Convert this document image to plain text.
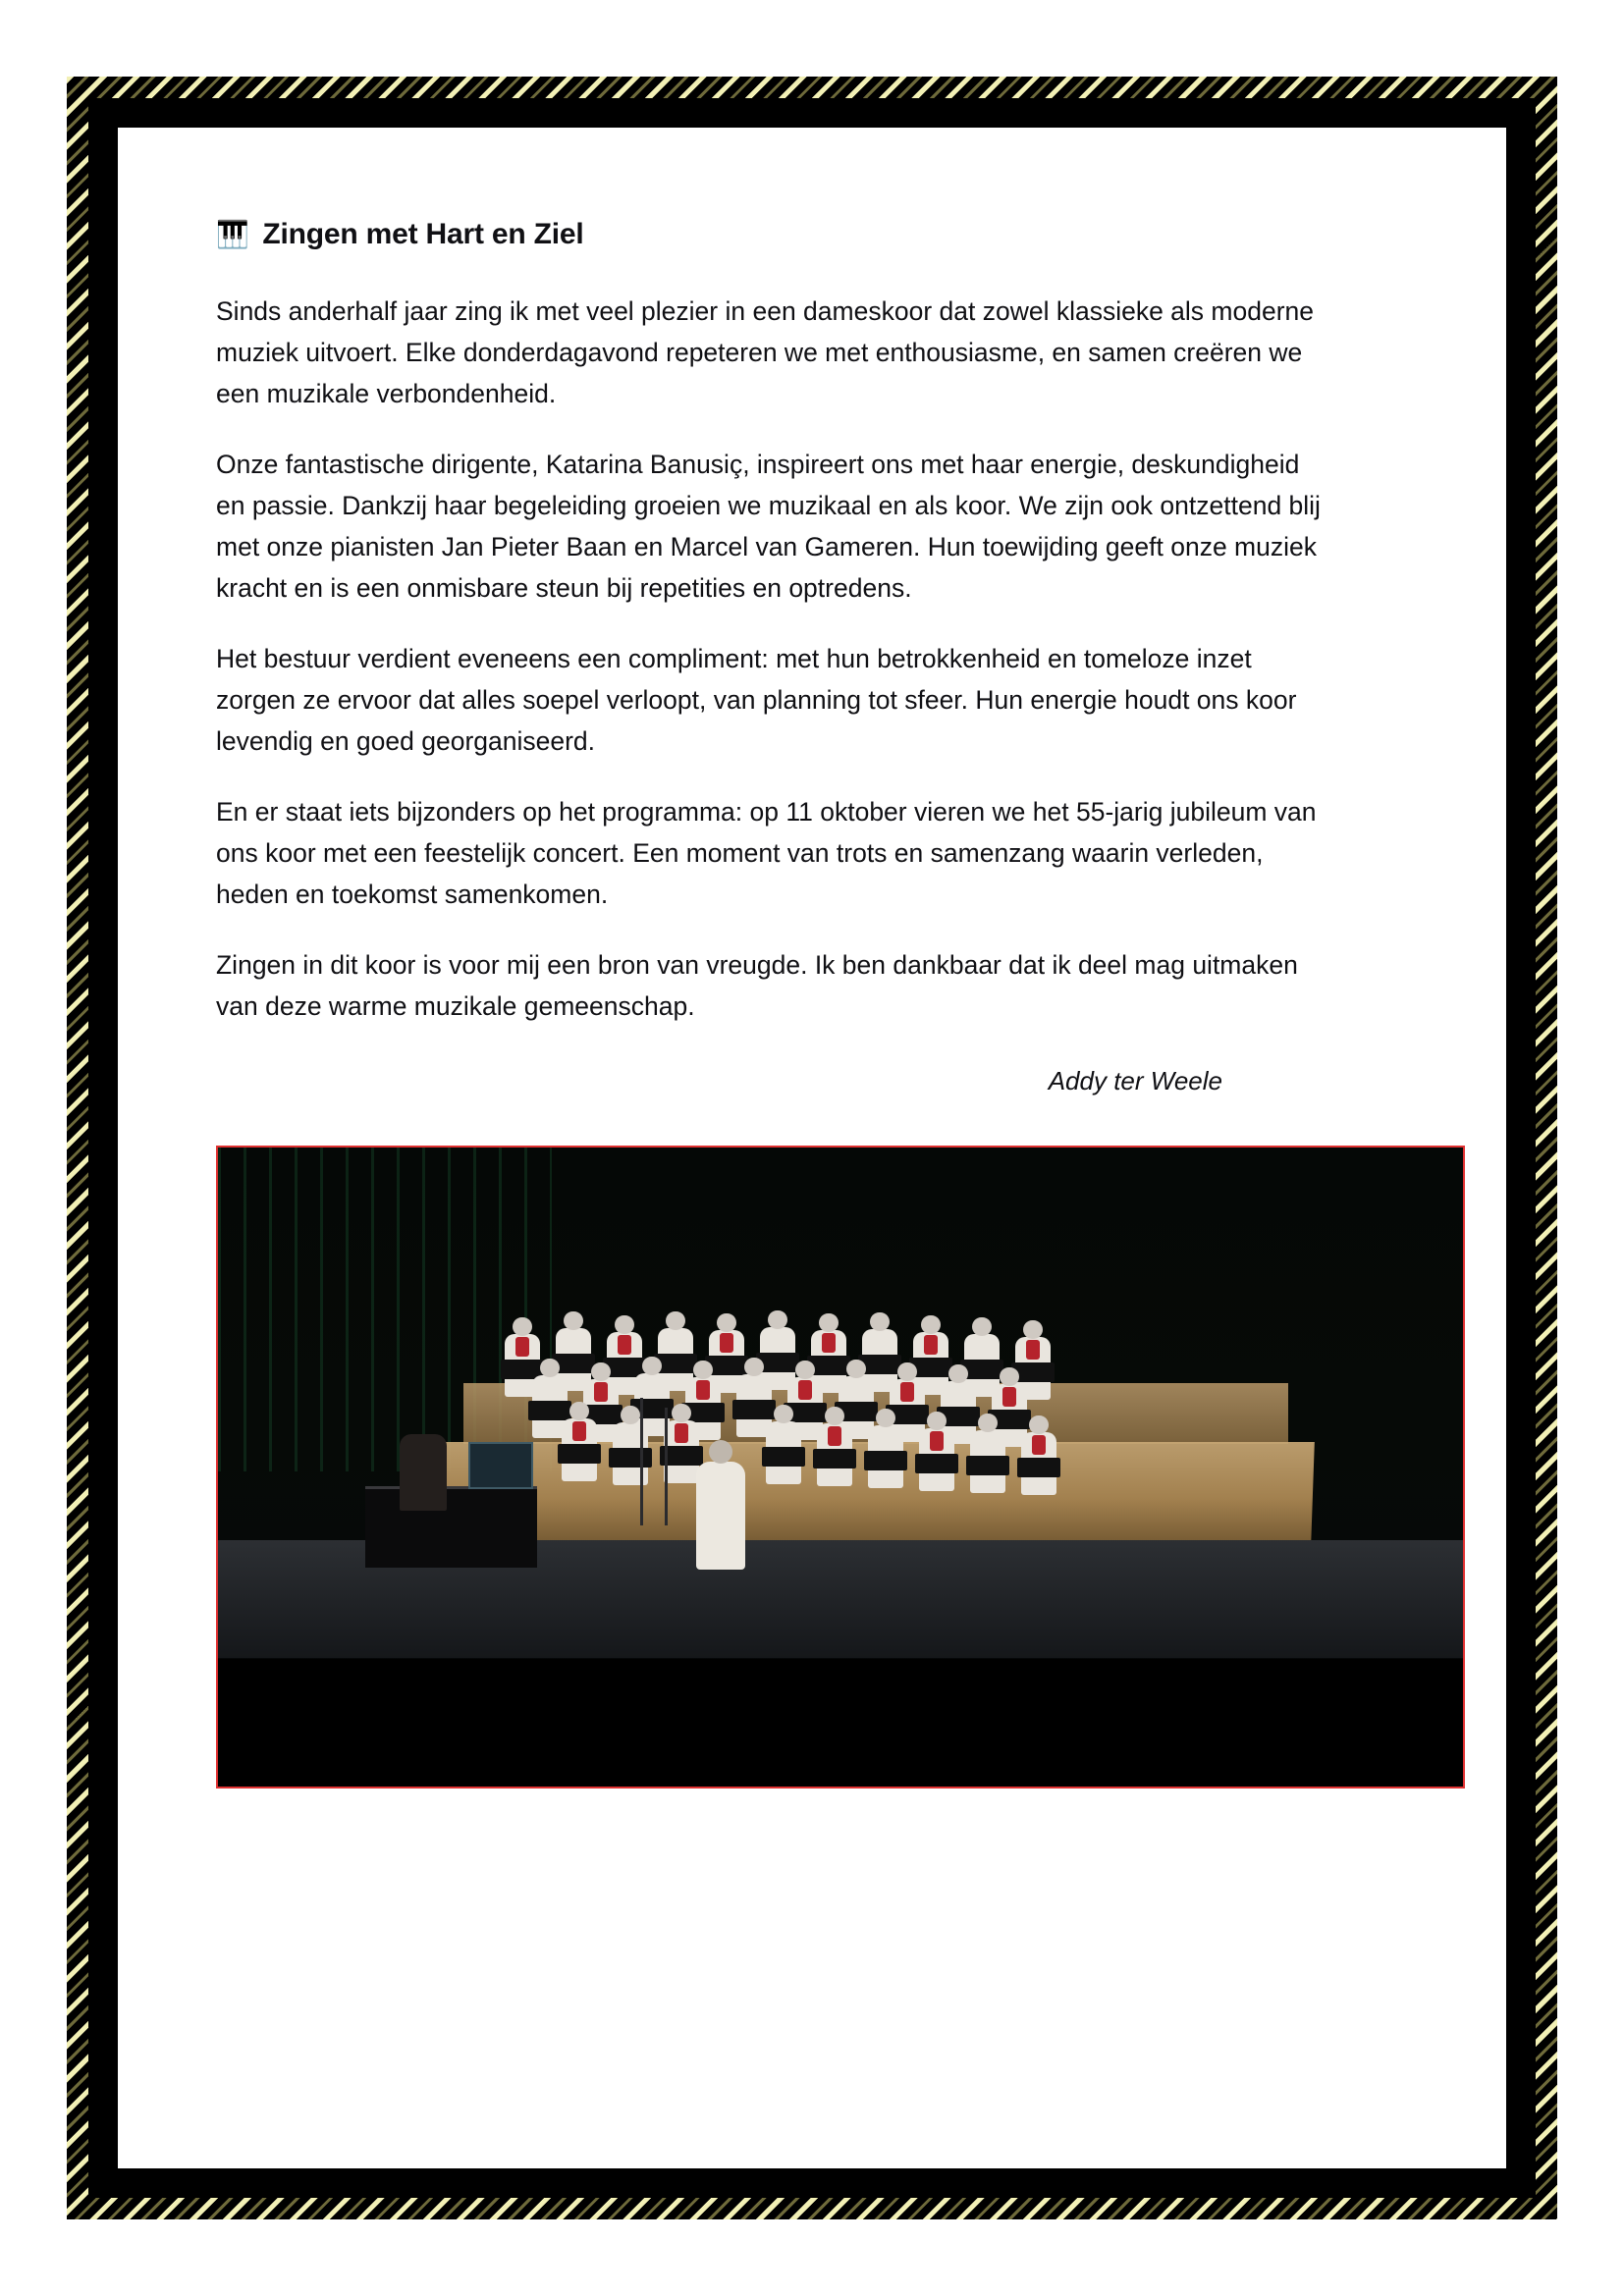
🎹 Zingen met Hart en Ziel

Sinds anderhalf jaar zing ik met veel plezier in een dameskoor dat zowel klassieke als moderne muziek uitvoert. Elke donderdagavond repeteren we met enthousiasme, en samen creëren we een muzikale verbondenheid.

Onze fantastische dirigente, Katarina Banusiç, inspireert ons met haar energie, deskundigheid en passie. Dankzij haar begeleiding groeien we muzikaal en als koor. We zijn ook ontzettend blij met onze pianisten Jan Pieter Baan en Marcel van Gameren. Hun toewijding geeft onze muziek kracht en is een onmisbare steun bij repetities en optredens.

Het bestuur verdient eveneens een compliment: met hun betrokkenheid en tomeloze inzet zorgen ze ervoor dat alles soepel verloopt, van planning tot sfeer. Hun energie houdt ons koor levendig en goed georganiseerd.

En er staat iets bijzonders op het programma: op 11 oktober vieren we het 55-jarig jubileum van ons koor met een feestelijk concert. Een moment van trots en samenzang waarin verleden, heden en toekomst samenkomen.

Zingen in dit koor is voor mij een bron van vreugde. Ik ben dankbaar dat ik deel mag uitmaken van deze warme muzikale gemeenschap.

Addy ter Weele
